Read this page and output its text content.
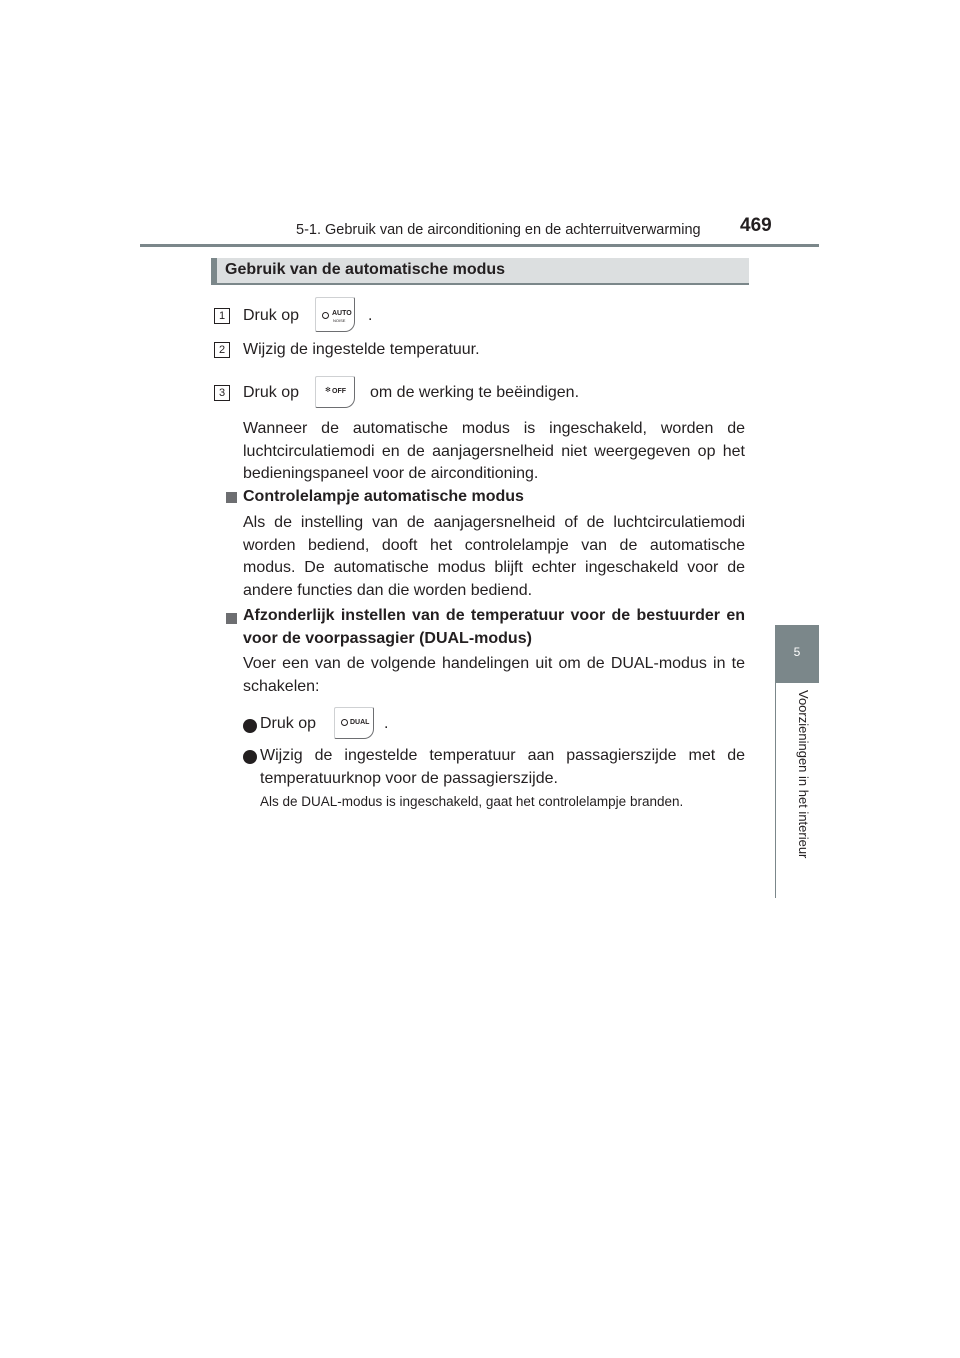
5-1. Gebruik van de airconditioning en de achterruitverwarming 469
5
Voorzieningen in het interieur
Gebruik van de automatische modus
1	Druk op	AUTO
NOISE .
2	Wijzig de ingestelde temperatuur.
3	Druk op	✻ OFF om de werking te beëindigen.
Wanneer de automatische modus is ingeschakeld, worden de luchtcirculatiemodi en de aanjagersnelheid niet weergegeven op het bedieningspaneel voor de airconditioning.
Controlelampje automatische modus
Als de instelling van de aanjagersnelheid of de luchtcirculatiemodi worden bediend, dooft het controlelampje van de automatische modus. De automatische modus blijft echter ingeschakeld voor de andere functies dan die worden bediend.
Afzonderlijk instellen van de temperatuur voor de bestuurder en voor de voorpassagier (DUAL-modus)
Voer een van de volgende handelingen uit om de DUAL-modus in te schakelen:
Druk op	DUAL .
Wijzig de ingestelde temperatuur aan passagierszijde met de temperatuurknop voor de passagierszijde.
Als de DUAL-modus is ingeschakeld, gaat het controlelampje branden.
